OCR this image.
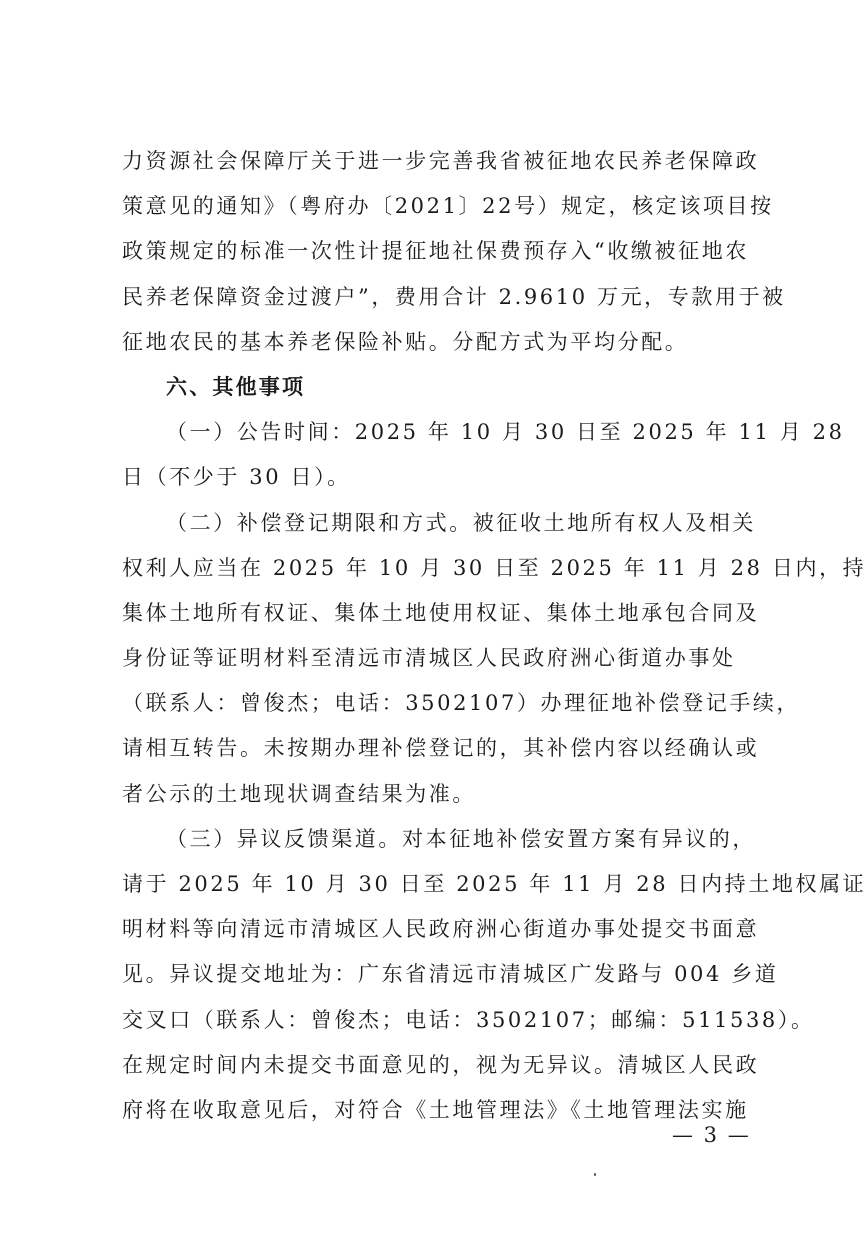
力资源社会保障厅关于进一步完善我省被征地农民养老保障政
策意见的通知》（粤府办〔2021〕22号）规定，核定该项目按
政策规定的标准一次性计提征地社保费预存入“收缴被征地农
民养老保障资金过渡户”，费用合计 2.9610 万元，专款用于被
征地农民的基本养老保险补贴。分配方式为平均分配。
六、其他事项
（一）公告时间：2025 年 10 月 30 日至 2025 年 11 月 28
日（不少于 30 日）。
（二）补偿登记期限和方式。被征收土地所有权人及相关
权利人应当在 2025 年 10 月 30 日至 2025 年 11 月 28 日内，持
集体土地所有权证、集体土地使用权证、集体土地承包合同及
身份证等证明材料至清远市清城区人民政府洲心街道办事处
（联系人：曾俊杰；电话：3502107）办理征地补偿登记手续，
请相互转告。未按期办理补偿登记的，其补偿内容以经确认或
者公示的土地现状调查结果为准。
（三）异议反馈渠道。对本征地补偿安置方案有异议的，
请于 2025 年 10 月 30 日至 2025 年 11 月 28 日内持土地权属证
明材料等向清远市清城区人民政府洲心街道办事处提交书面意
见。异议提交地址为：广东省清远市清城区广发路与 004 乡道
交叉口（联系人：曾俊杰；电话：3502107；邮编：511538）。
在规定时间内未提交书面意见的，视为无异议。清城区人民政
府将在收取意见后，对符合《土地管理法》《土地管理法实施
— 3 —
